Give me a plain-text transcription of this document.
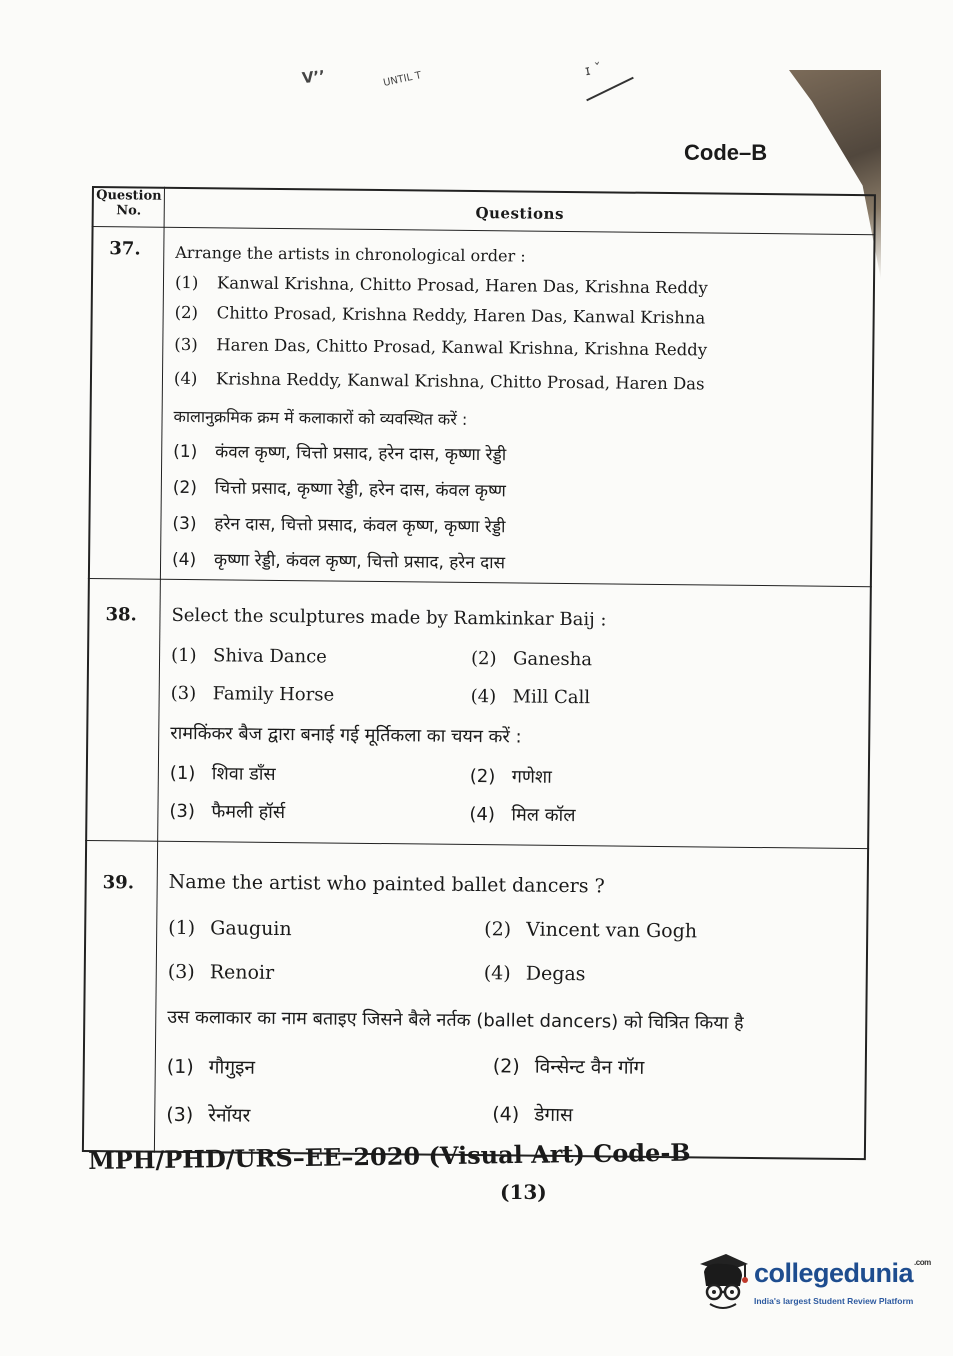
ᐯ’’	UNTIL T
ɪ ˇ
Code–B
Question No.	Questions
37. Arrange the artists in chronological order :
(1) Kanwal Krishna, Chitto Prosad, Haren Das, Krishna Reddy
(2) Chitto Prosad, Krishna Reddy, Haren Das, Kanwal Krishna
(3) Haren Das, Chitto Prosad, Kanwal Krishna, Krishna Reddy
(4) Krishna Reddy, Kanwal Krishna, Chitto Prosad, Haren Das
कालानुक्रमिक क्रम में कलाकारों को व्यवस्थित करें :
(1) कंवल कृष्ण, चित्तो प्रसाद, हरेन दास, कृष्णा रेड्डी
(2) चित्तो प्रसाद, कृष्णा रेड्डी, हरेन दास, कंवल कृष्ण
(3) हरेन दास, चित्तो प्रसाद, कंवल कृष्ण, कृष्णा रेड्डी
(4) कृष्णा रेड्डी, कंवल कृष्ण, चित्तो प्रसाद, हरेन दास
38. Select the sculptures made by Ramkinkar Baij :
(1) Shiva Dance	(2) Ganesha
(3) Family Horse	(4) Mill Call
रामकिंकर बैज द्वारा बनाई गई मूर्तिकला का चयन करें :
(1) शिवा डाँस	(2) गणेशा
(3) फैमली हॉर्स	(4) मिल कॉल
39. Name the artist who painted ballet dancers ?
(1) Gauguin	(2) Vincent van Gogh
(3) Renoir	(4) Degas
उस कलाकार का नाम बताइए जिसने बैले नर्तक (ballet dancers) को चित्रित किया है
(1) गौगुइन	(2) विन्सेन्ट वैन गॉग
(3) रेनॉयर	(4) डेगास
MPH/PHD/URS–EE–2020 (Visual Art) Code-B
(13)
collegedunia$^{.com}$
India's largest Student Review Platform
